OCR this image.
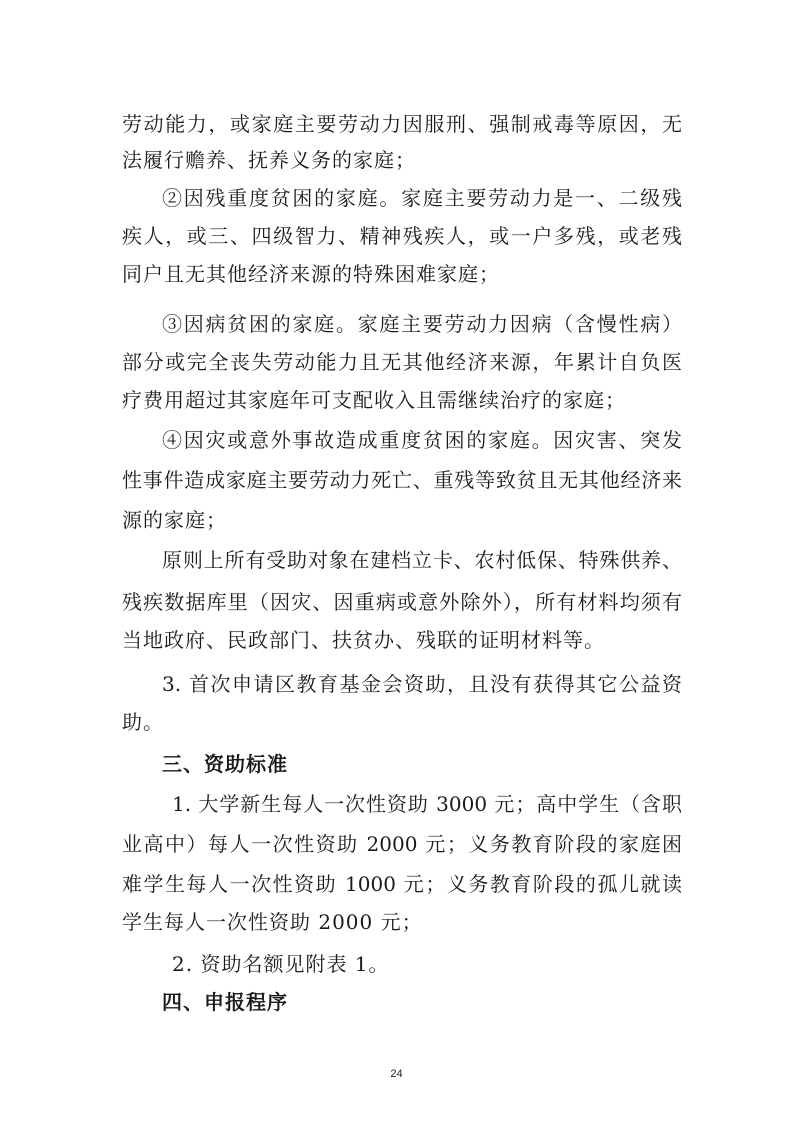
劳动能力，或家庭主要劳动力因服刑、强制戒毒等原因，无
法履行赡养、抚养义务的家庭；
②因残重度贫困的家庭。家庭主要劳动力是一、二级残
疾人，或三、四级智力、精神残疾人，或一户多残，或老残
同户且无其他经济来源的特殊困难家庭；
③因病贫困的家庭。家庭主要劳动力因病（含慢性病）
部分或完全丧失劳动能力且无其他经济来源，年累计自负医
疗费用超过其家庭年可支配收入且需继续治疗的家庭；
④因灾或意外事故造成重度贫困的家庭。因灾害、突发
性事件造成家庭主要劳动力死亡、重残等致贫且无其他经济来
源的家庭；
原则上所有受助对象在建档立卡、农村低保、特殊供养、
残疾数据库里（因灾、因重病或意外除外），所有材料均须有
当地政府、民政部门、扶贫办、残联的证明材料等。
3. 首次申请区教育基金会资助，且没有获得其它公益资
助。
三、资助标准
1. 大学新生每人一次性资助 3000 元；高中学生（含职
业高中）每人一次性资助 2000 元；义务教育阶段的家庭困
难学生每人一次性资助 1000 元；义务教育阶段的孤儿就读
学生每人一次性资助 2000 元；
2. 资助名额见附表 1。
四、申报程序
24
